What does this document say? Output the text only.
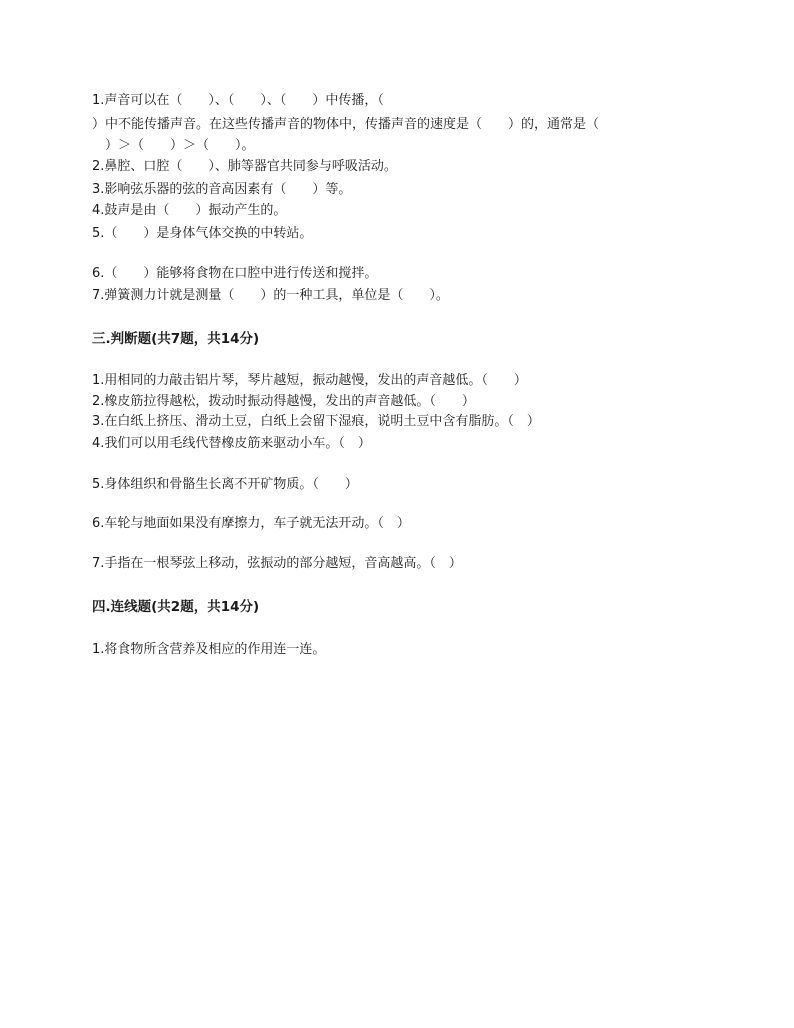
1.声音可以在（　　）、（　　）、（　　）中传播，（
）中不能传播声音。在这些传播声音的物体中，传播声音的速度是（　　）的，通常是（
　）＞（　　）＞（　　）。
2.鼻腔、口腔（　　）、肺等器官共同参与呼吸活动。
3.影响弦乐器的弦的音高因素有（　　）等。
4.鼓声是由（　　）振动产生的。
5.（　　）是身体气体交换的中转站。
6.（　　）能够将食物在口腔中进行传送和搅拌。
7.弹簧测力计就是测量（　　）的一种工具，单位是（　　）。
三.判断题(共7题，共14分)
1.用相同的力敲击铝片琴，琴片越短，振动越慢，发出的声音越低。（　　）
2.橡皮筋拉得越松，拨动时振动得越慢，发出的声音越低。（　　）
3.在白纸上挤压、滑动土豆，白纸上会留下湿痕，说明土豆中含有脂肪。（　）
4.我们可以用毛线代替橡皮筋来驱动小车。（　）
5.身体组织和骨骼生长离不开矿物质。（　　）
6.车轮与地面如果没有摩擦力，车子就无法开动。（　）
7.手指在一根琴弦上移动，弦振动的部分越短，音高越高。（　）
四.连线题(共2题，共14分)
1.将食物所含营养及相应的作用连一连。
